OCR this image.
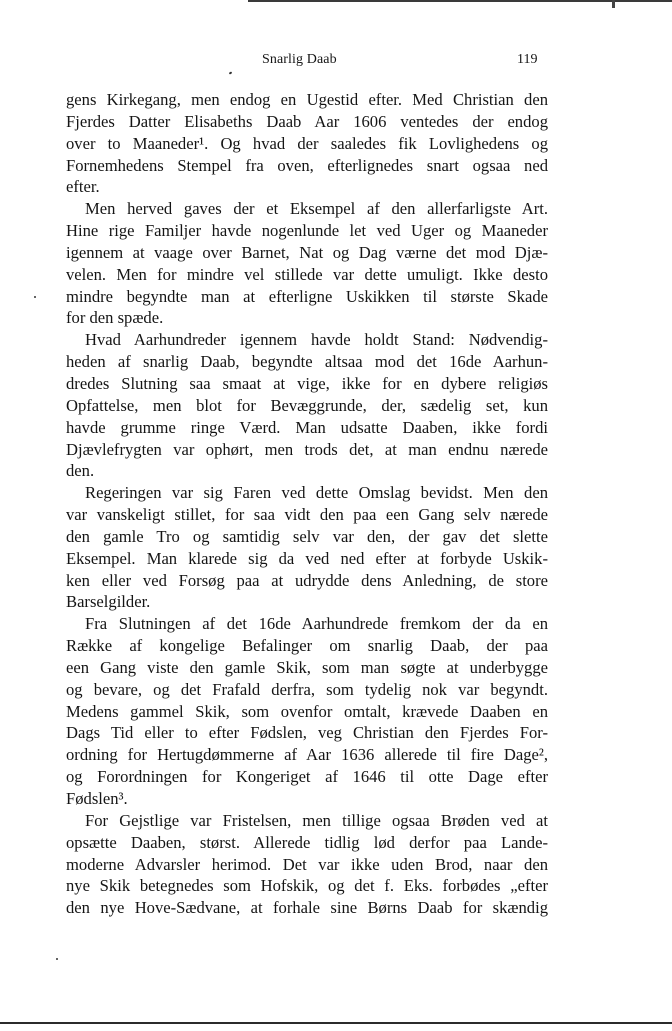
Snarlig Daab	119
gens Kirkegang, men endog en Ugestid efter. Med Christian den
Fjerdes Datter Elisabeths Daab Aar 1606 ventedes der endog
over to Maaneder¹. Og hvad der saaledes fik Lovlighedens og
Fornemhedens Stempel fra oven, efterlignedes snart ogsaa ned
efter.
Men herved gaves der et Eksempel af den allerfarligste Art.
Hine rige Familjer havde nogenlunde let ved Uger og Maaneder
igennem at vaage over Barnet, Nat og Dag værne det mod Djæ-
velen. Men for mindre vel stillede var dette umuligt. Ikke desto
mindre begyndte man at efterligne Uskikken til største Skade
for den spæde.
Hvad Aarhundreder igennem havde holdt Stand: Nødvendig-
heden af snarlig Daab, begyndte altsaa mod det 16de Aarhun-
dredes Slutning saa smaat at vige, ikke for en dybere religiøs
Opfattelse, men blot for Bevæggrunde, der, sædelig set, kun
havde grumme ringe Værd. Man udsatte Daaben, ikke fordi
Djævlefrygten var ophørt, men trods det, at man endnu nærede
den.
Regeringen var sig Faren ved dette Omslag bevidst. Men den
var vanskeligt stillet, for saa vidt den paa een Gang selv nærede
den gamle Tro og samtidig selv var den, der gav det slette
Eksempel. Man klarede sig da ved ned efter at forbyde Uskik-
ken eller ved Forsøg paa at udrydde dens Anledning, de store
Barselgilder.
Fra Slutningen af det 16de Aarhundrede fremkom der da en
Række af kongelige Befalinger om snarlig Daab, der paa
een Gang viste den gamle Skik, som man søgte at underbygge
og bevare, og det Frafald derfra, som tydelig nok var begyndt.
Medens gammel Skik, som ovenfor omtalt, krævede Daaben en
Dags Tid eller to efter Fødslen, veg Christian den Fjerdes For-
ordning for Hertugdømmerne af Aar 1636 allerede til fire Dage²,
og Forordningen for Kongeriget af 1646 til otte Dage efter
Fødslen³.
For Gejstlige var Fristelsen, men tillige ogsaa Brøden ved at
opsætte Daaben, størst. Allerede tidlig lød derfor paa Lande-
moderne Advarsler herimod. Det var ikke uden Brod, naar den
nye Skik betegnedes som Hofskik, og det f. Eks. forbødes „efter
den nye Hove-Sædvane, at forhale sine Børns Daab for skændig
